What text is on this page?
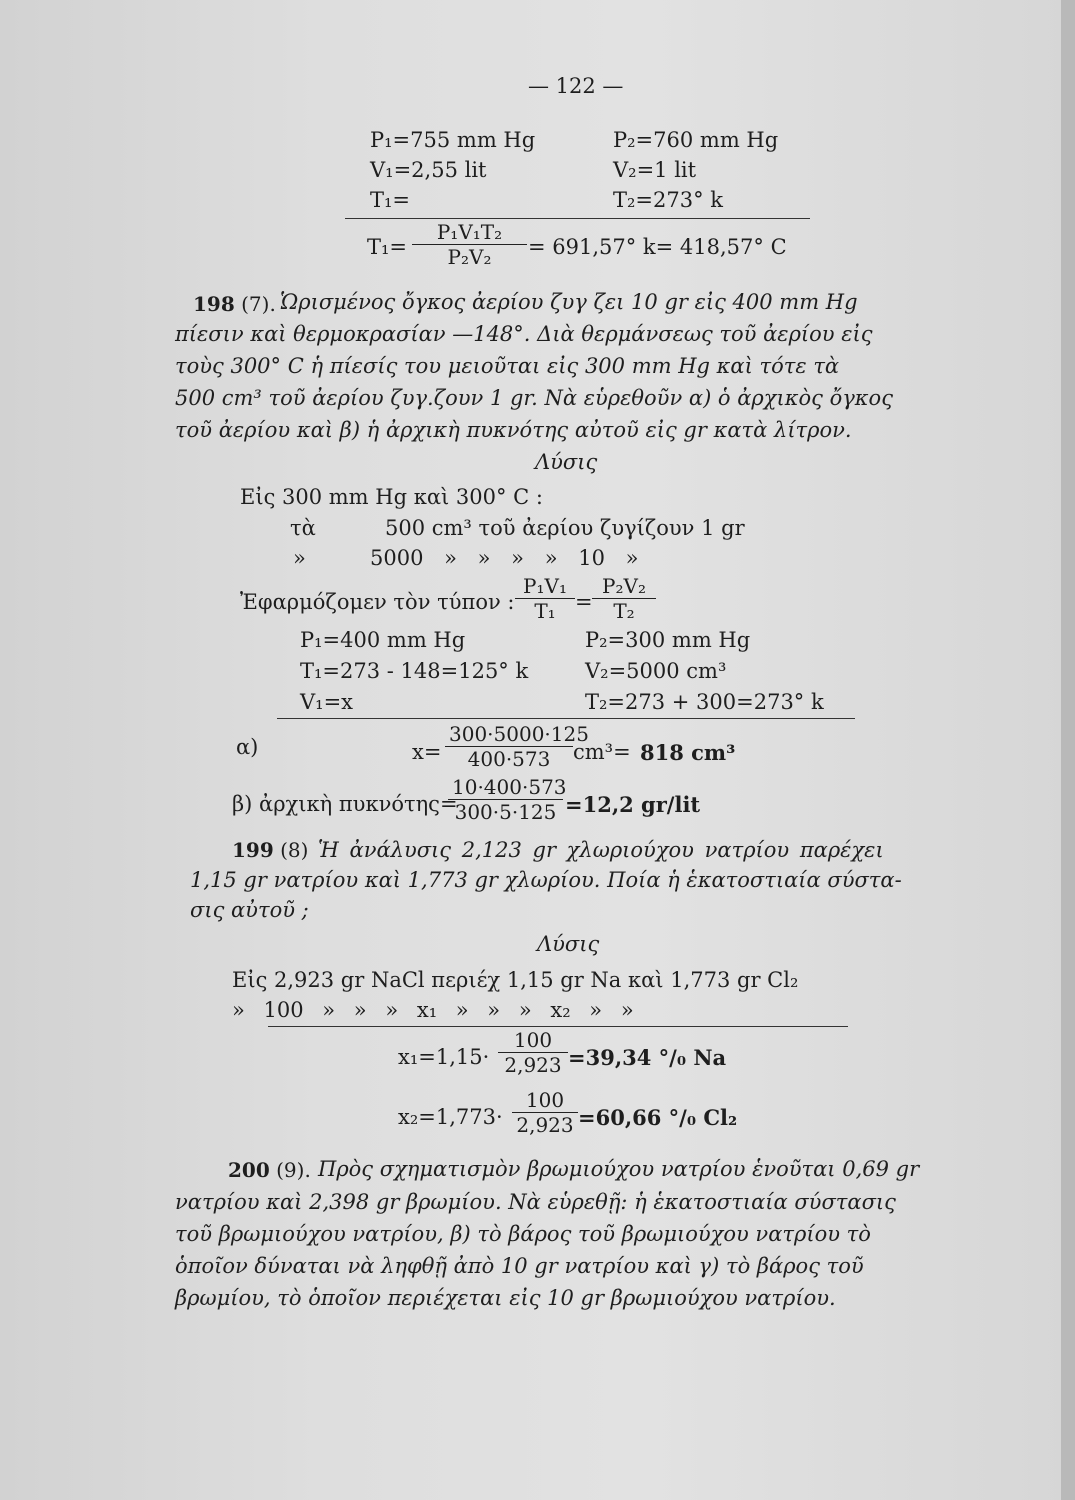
— 122 —
P₁=755 mm Hg	P₂=760 mm Hg
V₁=2,55 lit	V₂=1 lit
T₁=	T₂=273° k
$T_1= \frac{\text{P₁V₁T₂}}{\text{P₂V₂}} = 691,57^\circ$ k= 418,57° C
198 (7). Ὡρισμένος ὄγκος ἀερίου ζυγ ζει 10 gr εἰς 400 mm Hg
πίεσιν καὶ θερμοκρασίαν —148°. Διὰ θερμάνσεως τοῦ ἀερίου εἰς
τοὺς 300° C ἡ πίεσίς του μειοῦται εἰς 300 mm Hg καὶ τότε τὰ
500 cm³ τοῦ ἀερίου ζυγ.ζουν 1 gr. Νὰ εὑρεθοῦν α) ὁ ἀρχικὸς ὄγκος
τοῦ ἀερίου καὶ β) ἡ ἀρχικὴ πυκνότης αὐτοῦ εἰς gr κατὰ λίτρον.
Λύσις
Εἰς 300 mm Hg καὶ 300° C :
τὰ	500 cm³ τοῦ ἀερίου ζυγίζουν 1 gr
»	5000 » » » » 10 »
Ἐφαρμόζομεν τὸν τύπον : $\frac{\text{P₁V₁}}{\text{T₁}} = \frac{\text{P₂V₂}}{\text{T₂}}$
P₁=400 mm Hg	P₂=300 mm Hg
T₁=273 - 148=125° k	V₂=5000 cm³
V₁=x	T₂=273 + 300=273° k
α)	$x= \frac{300\cdot 5000\cdot 125}{400\cdot 573} cm^3= 818$ cm³
β) ἀρχικὴ πυκνότης=
$\frac{10\cdot 400\cdot 573}{300\cdot 5\cdot 125} =12,2$ gr/lit
199 (8) Ἡ ἀνάλυσις 2,123 gr χλωριούχου νατρίου παρέχει
1,15 gr νατρίου καὶ 1,773 gr χλωρίου. Ποία ἡ ἑκατοστιαία σύστα-
σις αὐτοῦ ;
Λύσις
Εἰς 2,923 gr NaCl περιέχ 1,15 gr Na καὶ 1,773 gr Cl₂
» 100 » » » x₁ » » » x₂ » »
$x_1=1,15\cdot \frac{100}{2,923} =39,34$ °/₀ Na
$x_2=1,773\cdot \frac{100}{2,923} =60,66$ °/₀ Cl₂
200 (9). Πρὸς σχηματισμὸν βρωμιούχου νατρίου ἑνοῦται 0,69 gr
νατρίου καὶ 2,398 gr βρωμίου. Νὰ εὑρεθῇ: ἡ ἑκατοστιαία σύστασις
τοῦ βρωμιούχου νατρίου, β) τὸ βάρος τοῦ βρωμιούχου νατρίου τὸ
ὁποῖον δύναται νὰ ληφθῇ ἀπὸ 10 gr νατρίου καὶ γ) τὸ βάρος τοῦ
βρωμίου, τὸ ὁποῖον περιέχεται εἰς 10 gr βρωμιούχου νατρίου.
